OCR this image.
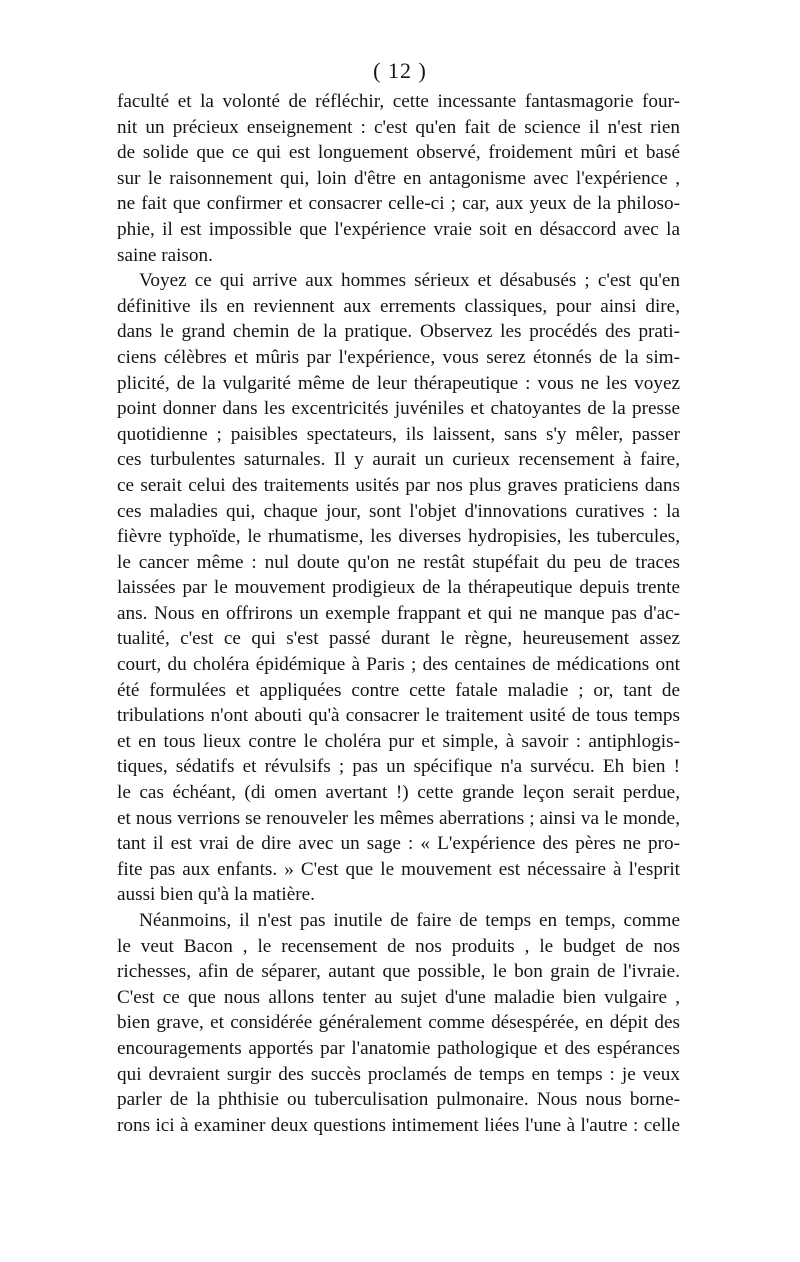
( 12 )
faculté et la volonté de réfléchir, cette incessante fantasmagorie four-
nit un précieux enseignement : c'est qu'en fait de science il n'est rien
de solide que ce qui est longuement observé, froidement mûri et basé
sur le raisonnement qui, loin d'être en antagonisme avec l'expérience ,
ne fait que confirmer et consacrer celle-ci ; car, aux yeux de la philoso-
phie, il est impossible que l'expérience vraie soit en désaccord avec la
saine raison.
Voyez ce qui arrive aux hommes sérieux et désabusés ; c'est qu'en
définitive ils en reviennent aux errements classiques, pour ainsi dire,
dans le grand chemin de la pratique. Observez les procédés des prati-
ciens célèbres et mûris par l'expérience, vous serez étonnés de la sim-
plicité, de la vulgarité même de leur thérapeutique : vous ne les voyez
point donner dans les excentricités juvéniles et chatoyantes de la presse
quotidienne ; paisibles spectateurs, ils laissent, sans s'y mêler, passer
ces turbulentes saturnales. Il y aurait un curieux recensement à faire,
ce serait celui des traitements usités par nos plus graves praticiens dans
ces maladies qui, chaque jour, sont l'objet d'innovations curatives : la
fièvre typhoïde, le rhumatisme, les diverses hydropisies, les tubercules,
le cancer même : nul doute qu'on ne restât stupéfait du peu de traces
laissées par le mouvement prodigieux de la thérapeutique depuis trente
ans. Nous en offrirons un exemple frappant et qui ne manque pas d'ac-
tualité, c'est ce qui s'est passé durant le règne, heureusement assez
court, du choléra épidémique à Paris ; des centaines de médications ont
été formulées et appliquées contre cette fatale maladie ; or, tant de
tribulations n'ont abouti qu'à consacrer le traitement usité de tous temps
et en tous lieux contre le choléra pur et simple, à savoir : antiphlogis-
tiques, sédatifs et révulsifs ; pas un spécifique n'a survécu. Eh bien !
le cas échéant, (di omen avertant !) cette grande leçon serait perdue,
et nous verrions se renouveler les mêmes aberrations ; ainsi va le monde,
tant il est vrai de dire avec un sage : « L'expérience des pères ne pro-
fite pas aux enfants. » C'est que le mouvement est nécessaire à l'esprit
aussi bien qu'à la matière.
Néanmoins, il n'est pas inutile de faire de temps en temps, comme
le veut Bacon , le recensement de nos produits , le budget de nos
richesses, afin de séparer, autant que possible, le bon grain de l'ivraie.
C'est ce que nous allons tenter au sujet d'une maladie bien vulgaire ,
bien grave, et considérée généralement comme désespérée, en dépit des
encouragements apportés par l'anatomie pathologique et des espérances
qui devraient surgir des succès proclamés de temps en temps : je veux
parler de la phthisie ou tuberculisation pulmonaire. Nous nous borne-
rons ici à examiner deux questions intimement liées l'une à l'autre : celle
